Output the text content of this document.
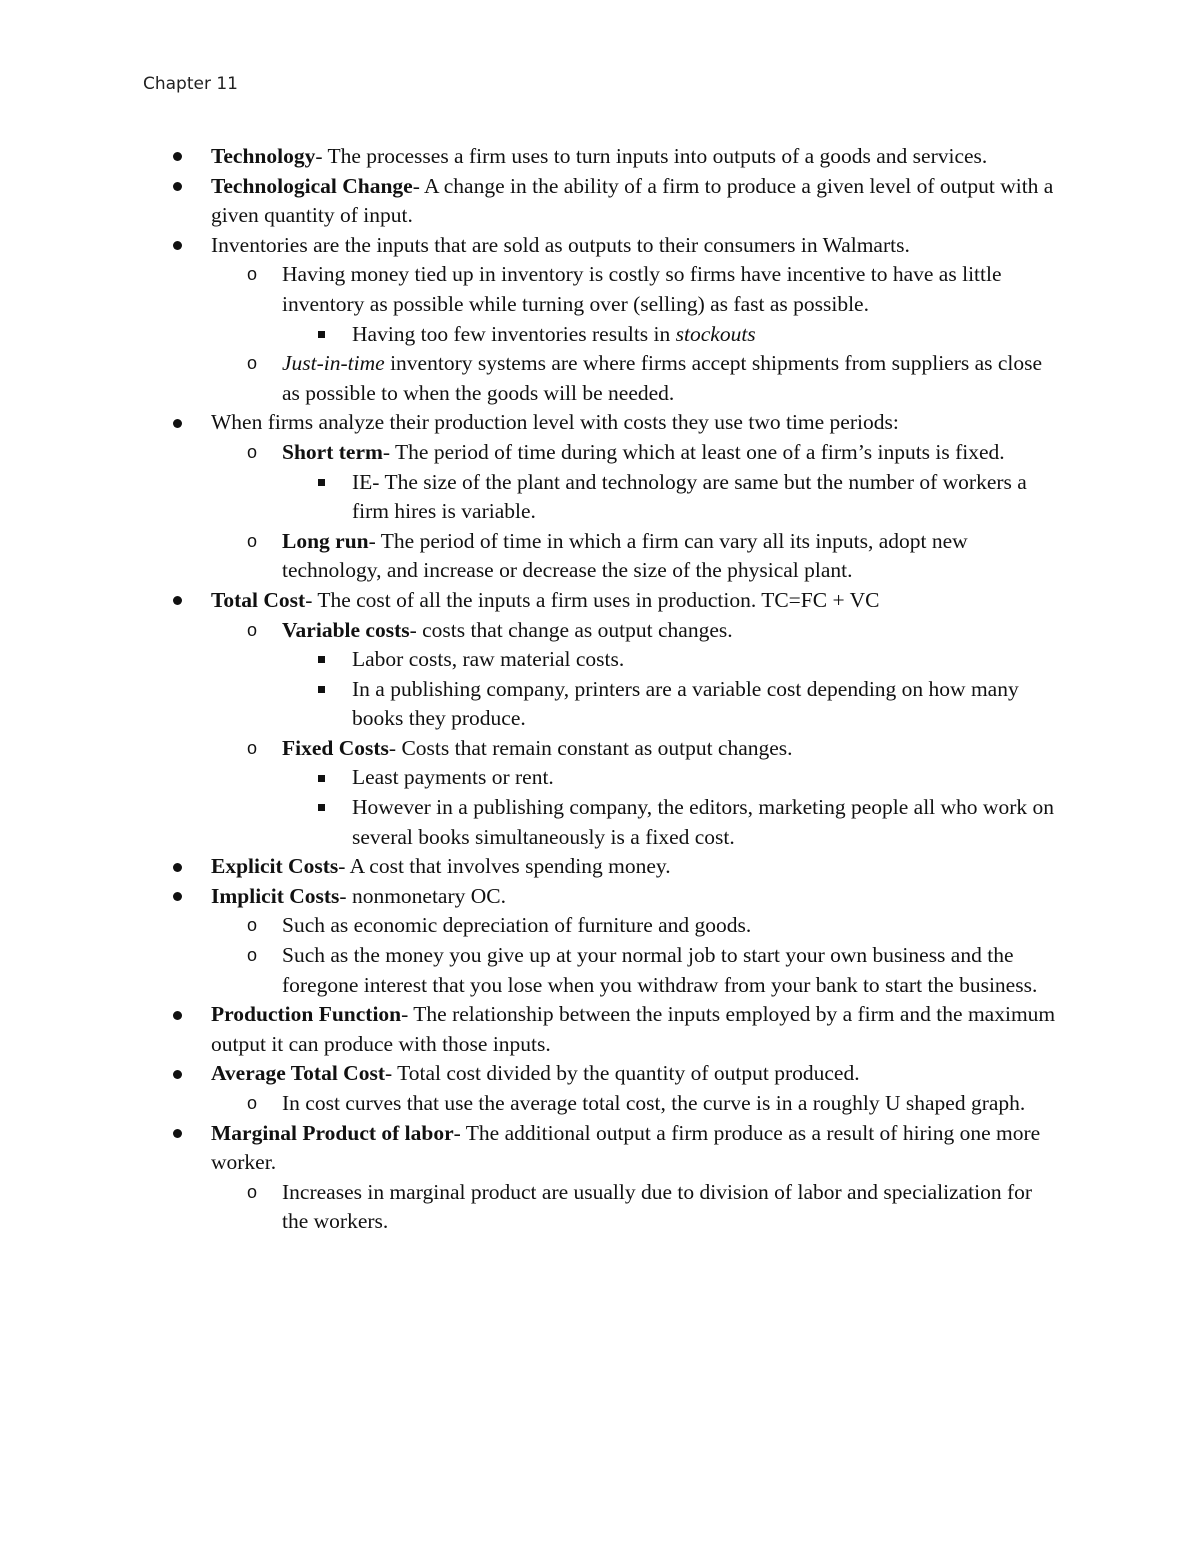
Chapter 11
Technology- The processes a firm uses to turn inputs into outputs of a goods and services.
Technological Change- A change in the ability of a firm to produce a given level of output with a given quantity of input.
Inventories are the inputs that are sold as outputs to their consumers in Walmarts.
o Having money tied up in inventory is costly so firms have incentive to have as little inventory as possible while turning over (selling) as fast as possible.
Having too few inventories results in stockouts
o Just-in-time inventory systems are where firms accept shipments from suppliers as close as possible to when the goods will be needed.
When firms analyze their production level with costs they use two time periods:
o Short term- The period of time during which at least one of a firm’s inputs is fixed.
IE- The size of the plant and technology are same but the number of workers a firm hires is variable.
o Long run- The period of time in which a firm can vary all its inputs, adopt new technology, and increase or decrease the size of the physical plant.
Total Cost- The cost of all the inputs a firm uses in production. TC=FC + VC
o Variable costs- costs that change as output changes.
Labor costs, raw material costs.
In a publishing company, printers are a variable cost depending on how many books they produce.
o Fixed Costs- Costs that remain constant as output changes.
Least payments or rent.
However in a publishing company, the editors, marketing people all who work on several books simultaneously is a fixed cost.
Explicit Costs- A cost that involves spending money.
Implicit Costs- nonmonetary OC.
o Such as economic depreciation of furniture and goods.
o Such as the money you give up at your normal job to start your own business and the foregone interest that you lose when you withdraw from your bank to start the business.
Production Function- The relationship between the inputs employed by a firm and the maximum output it can produce with those inputs.
Average Total Cost- Total cost divided by the quantity of output produced.
o In cost curves that use the average total cost, the curve is in a roughly U shaped graph.
Marginal Product of labor- The additional output a firm produce as a result of hiring one more worker.
o Increases in marginal product are usually due to division of labor and specialization for the workers.
